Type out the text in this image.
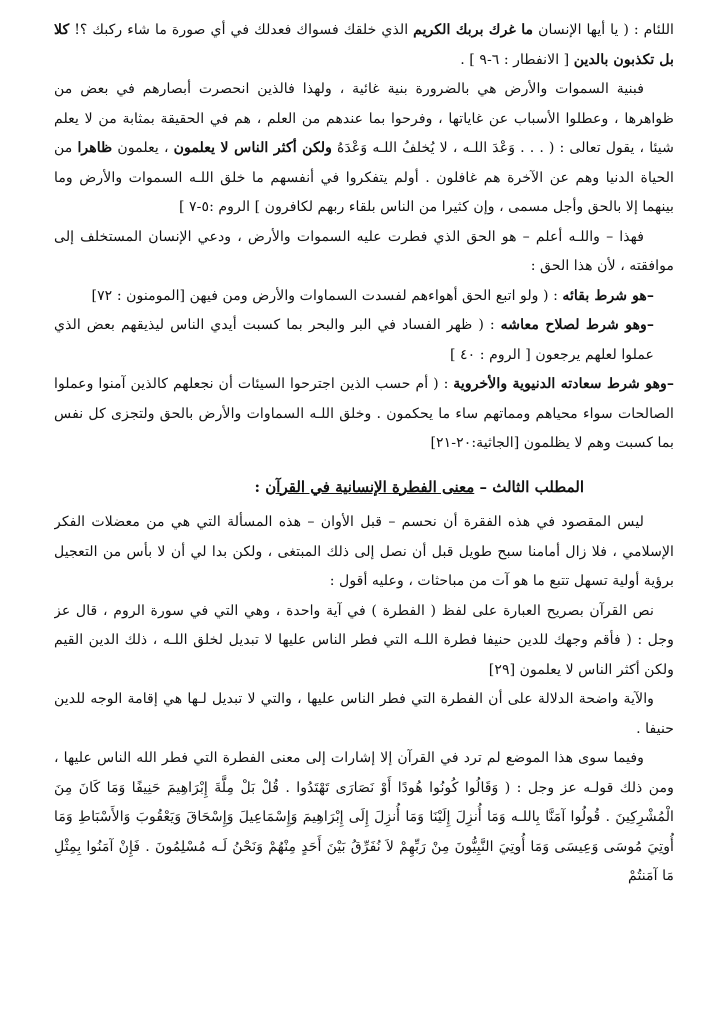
اللئام : ( يا أيها الإنسان ما غرك بربك الكريم الذي خلقك فسواك فعدلك في أي صورة ما شاء ركبك ؟! كلا بل تكذبون بالدين [ الانفطار : ٦-٩ ] .

فبنية السموات والأرض هي بالضرورة بنية غائية ، ولهذا فالذين انحصرت أبصارهم في بعض من ظواهرها ، وعطلوا الأسباب عن غاياتها ، وفرحوا بما عندهم من العلم ، هم في الحقيقة بمثابة من لا يعلم شيئا ، يقول تعالى : ( . . . وَعْدَ اللـه ، لا يُخلفُ اللـه وَعْدَهُ ولكن أكثر الناس لا يعلمون ، يعلمون ظاهرا من الحياة الدنيا وهم عن الآخرة هم غافلون . أولم يتفكروا في أنفسهم ما خلق اللـه السموات والأرض وما بينهما إلا بالحق وأجل مسمى ، وإن كثيرا من الناس بلقاء ربهم لكافرون ] الروم :٥-٧ ]

فهذا – واللـه أعلم – هو الحق الذي فطرت عليه السموات والأرض ، ودعي الإنسان المستخلف إلى موافقته ، لأن هذا الحق :

–هو شرط بقائه : ( ولو اتبع الحق أهواءهم لفسدت السماوات والأرض ومن فيهن [المومنون : ٧٢]

–وهو شرط لصلاح معاشه : ( ظهر الفساد في البر والبحر بما كسبت أيدي الناس ليذيقهم بعض الذي عملوا لعلهم يرجعون [ الروم : ٤٠ ]

–وهو شرط سعادته الدنيوية والأخروية : ( أم حسب الذين اجترحوا السيئات أن نجعلهم كالذين آمنوا وعملوا الصالحات سواء محياهم ومماتهم ساء ما يحكمون . وخلق اللـه السماوات والأرض بالحق ولتجزى كل نفس بما كسبت وهم لا يظلمون [الجاثية:٢٠-٢١]

المطلب الثالث – معنى الفطرة الإنسانية في القرآن :

ليس المقصود في هذه الفقرة أن نحسم – قبل الأوان – هذه المسألة التي هي من معضلات الفكر الإسلامي ، فلا زال أمامنا سبح طويل قبل أن نصل إلى ذلك المبتغى ، ولكن بدا لي أن لا بأس من التعجيل برؤية أولية تسهل تتبع ما هو آت من مباحثات ، وعليه أقول :

نص القرآن بصريح العبارة على لفظ ( الفطرة ) في آية واحدة ، وهي التي في سورة الروم ، قال عز وجل : ( فأقم وجهك للدين حنيفا فطرة اللـه التي فطر الناس عليها لا تبديل لخلق اللـه ، ذلك الدين القيم ولكن أكثر الناس لا يعلمون [٢٩]

والآية واضحة الدلالة على أن الفطرة التي فطر الناس عليها ، والتي لا تبديل لـها هي إقامة الوجه للدين حنيفا .

وفيما سوى هذا الموضع لم ترد في القرآن إلا إشارات إلى معنى الفطرة التي فطر الله الناس عليها ، ومن ذلك قولـه عز وجل : ( وَقَالُوا كُونُوا هُودًا أَوْ نَصَارَى تَهْتَدُوا . قُلْ بَلْ مِلَّةَ إِبْرَاهِيمَ حَنِيفًا وَمَا كَانَ مِنَ الْمُشْرِكِينَ . قُولُوا آمَنَّا بِاللـه وَمَا أُنزِلَ إِلَيْنَا وَمَا أُنزِلَ إِلَى إِبْرَاهِيمَ وَإِسْمَاعِيلَ وَإِسْحَاقَ وَيَعْقُوبَ وَالأَسْبَاطِ وَمَا أُوتِيَ مُوسَى وَعِيسَى وَمَا أُوتِيَ النَّبِيُّونَ مِنْ رَبِّهِمْ لاَ نُفَرِّقُ بَيْنَ أَحَدٍ مِنْهُمْ وَنَحْنُ لَـه مُسْلِمُونَ . فَإِنْ آمَنُوا بِمِثْلِ مَا آمَنتُمْ
